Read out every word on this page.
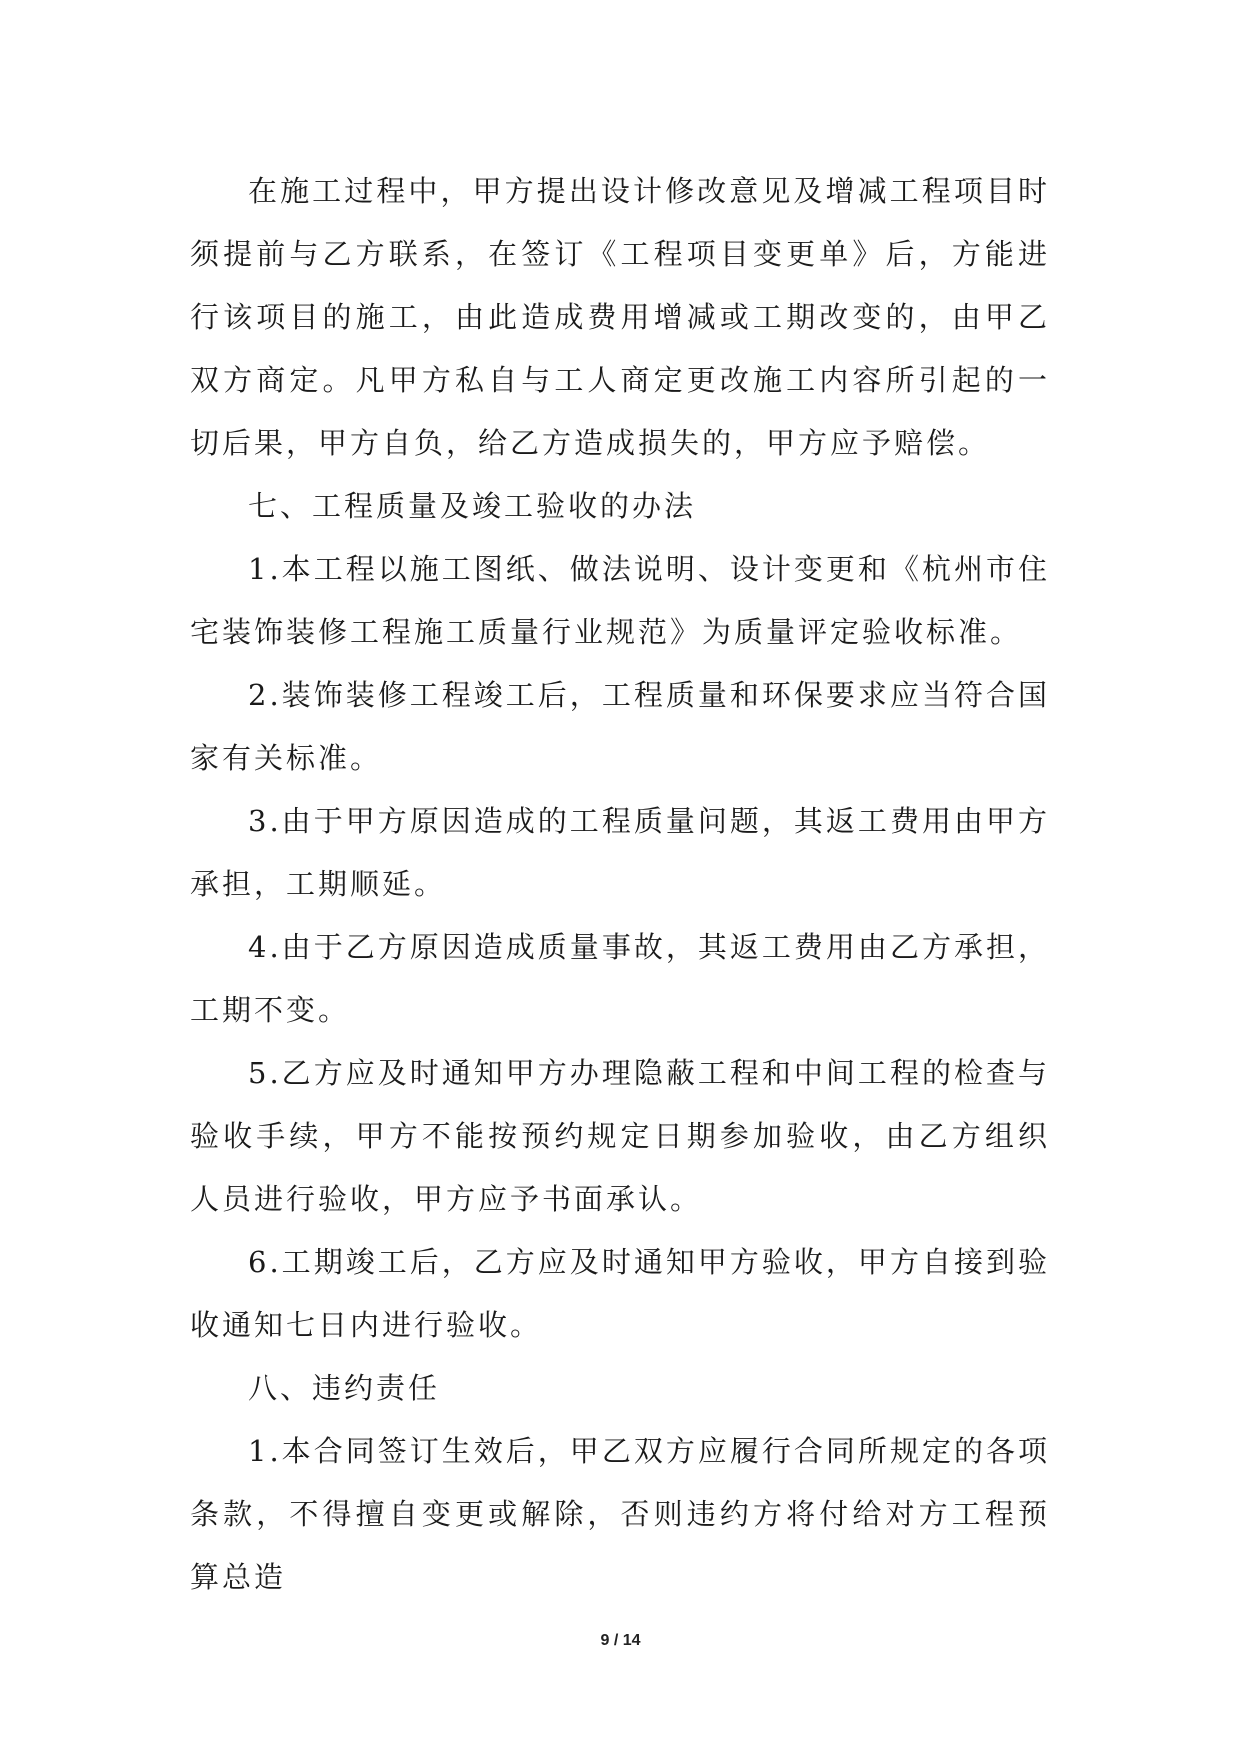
在施工过程中，甲方提出设计修改意见及增减工程项目时须提前与乙方联系，在签订《工程项目变更单》后，方能进行该项目的施工，由此造成费用增减或工期改变的，由甲乙双方商定。凡甲方私自与工人商定更改施工内容所引起的一切后果，甲方自负，给乙方造成损失的，甲方应予赔偿。

七、工程质量及竣工验收的办法

1.本工程以施工图纸、做法说明、设计变更和《杭州市住宅装饰装修工程施工质量行业规范》为质量评定验收标准。

2.装饰装修工程竣工后，工程质量和环保要求应当符合国家有关标准。

3.由于甲方原因造成的工程质量问题，其返工费用由甲方承担，工期顺延。

4.由于乙方原因造成质量事故，其返工费用由乙方承担，工期不变。

5.乙方应及时通知甲方办理隐蔽工程和中间工程的检查与验收手续，甲方不能按预约规定日期参加验收，由乙方组织人员进行验收，甲方应予书面承认。

6.工期竣工后，乙方应及时通知甲方验收，甲方自接到验收通知七日内进行验收。

八、违约责任

1.本合同签订生效后，甲乙双方应履行合同所规定的各项条款，不得擅自变更或解除，否则违约方将付给对方工程预算总造

9 / 14
